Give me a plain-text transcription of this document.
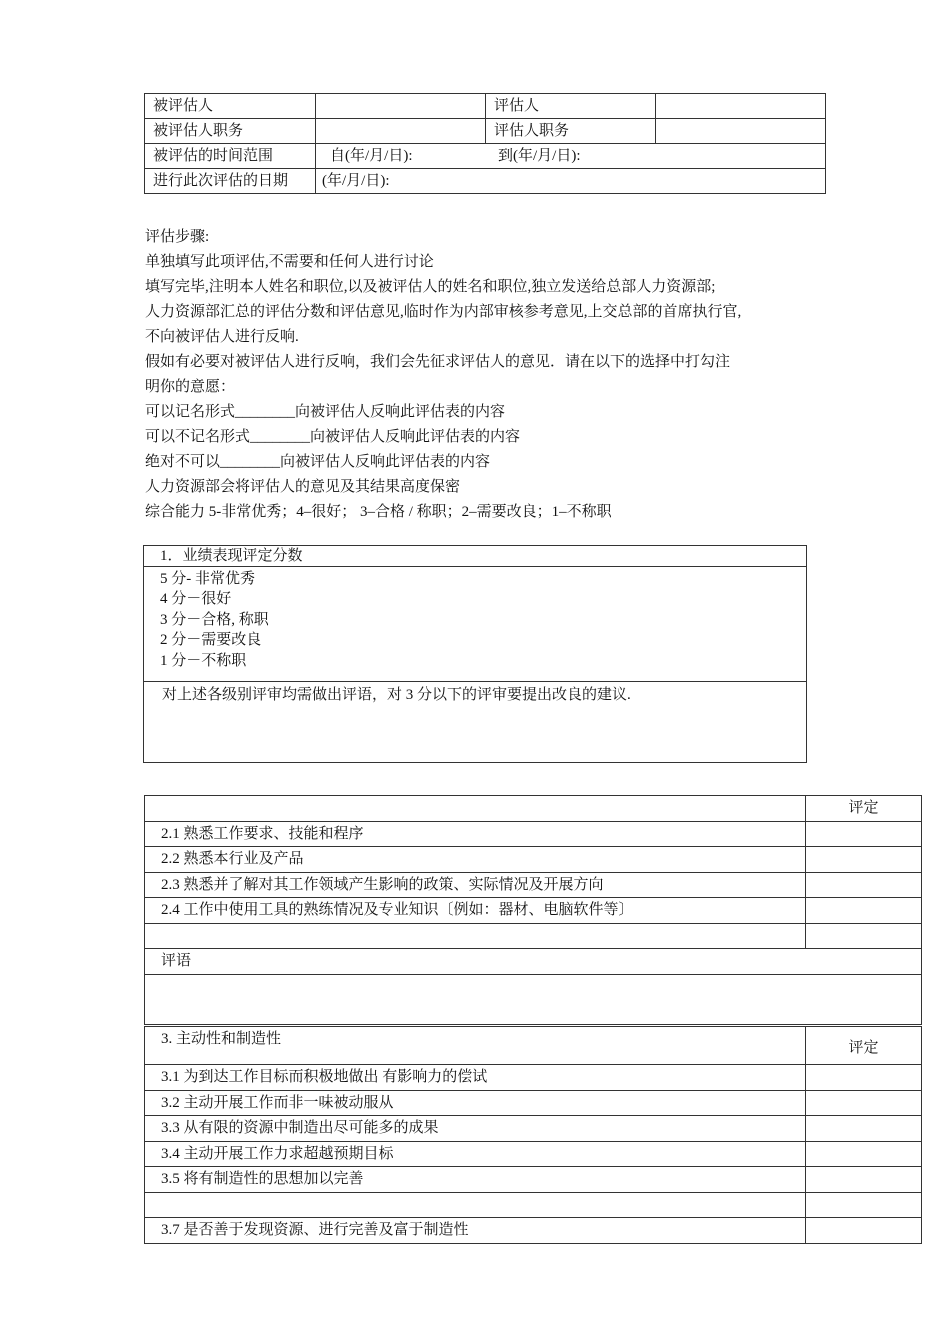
被评估人		评估人	
被评估人职务		评估人职务	
被评估的时间范围	自(年/月/日): 到(年/月/日):		
进行此次评估的日期	(年/月/日):		
评估步骤:
单独填写此项评估,不需要和任何人进行讨论
填写完毕,注明本人姓名和职位,以及被评估人的姓名和职位,独立发送给总部人力资源部;
人力资源部汇总的评估分数和评估意见,临时作为内部审核参考意见,上交总部的首席执行官,
不向被评估人进行反响.
假如有必要对被评估人进行反响，我们会先征求评估人的意见．请在以下的选择中打勾注
明你的意愿：
可以记名形式________向被评估人反响此评估表的内容
可以不记名形式________向被评估人反响此评估表的内容
绝对不可以________向被评估人反响此评估表的内容
人力资源部会将评估人的意见及其结果高度保密
综合能力 5-非常优秀；4–很好； 3–合格 / 称职；2–需要改良；1–不称职
1．业绩表现评定分数
5 分- 非常优秀
4 分－很好
3 分－合格, 称职
2 分－需要改良
1 分－不称职
对上述各级别评审均需做出评语，对 3 分以下的评审要提出改良的建议.
	评定
2.1 熟悉工作要求、技能和程序	
2.2 熟悉本行业及产品	
2.3 熟悉并了解对其工作领域产生影响的政策、实际情况及开展方向	
2.4 工作中使用工具的熟练情况及专业知识〔例如：器材、电脑软件等〕	

评语	

3. 主动性和制造性	评定
3.1 为到达工作目标而积极地做出 有影响力的偿试	
3.2 主动开展工作而非一味被动服从	
3.3 从有限的资源中制造出尽可能多的成果	
3.4 主动开展工作力求超越预期目标	
3.5 将有制造性的思想加以完善	

3.7 是否善于发现资源、进行完善及富于制造性	
